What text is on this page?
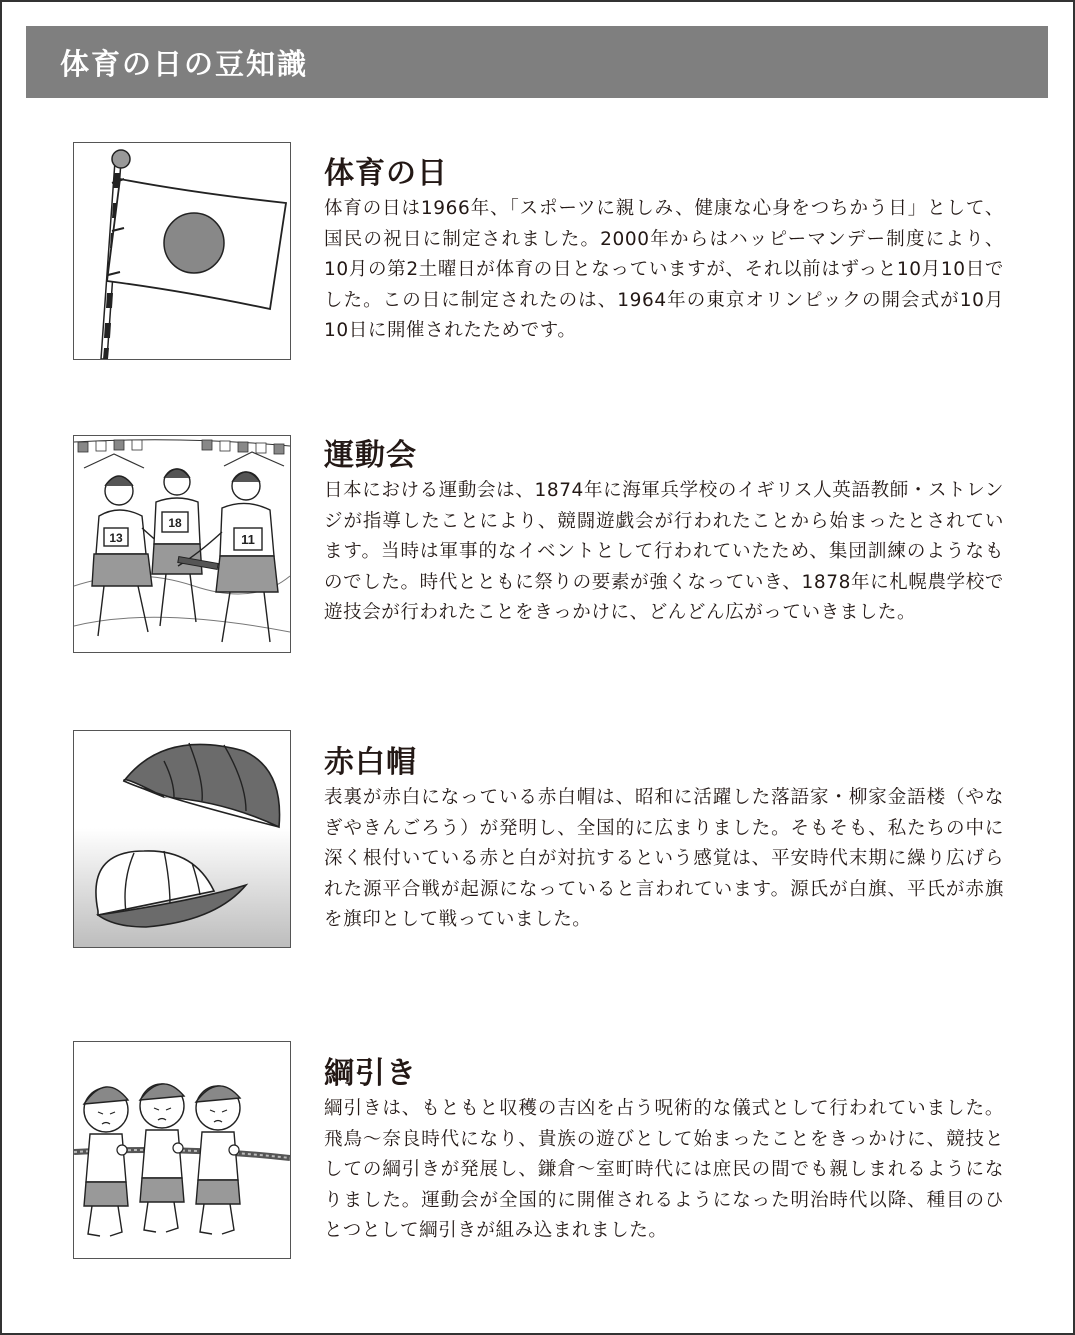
体育の日の豆知識
体育の日
体育の日は1966年、「スポーツに親しみ、健康な心身をつちかう日」として、国民の祝日に制定されました。2000年からはハッピーマンデー制度により、10月の第2土曜日が体育の日となっていますが、それ以前はずっと10月10日でした。この日に制定されたのは、1964年の東京オリンピックの開会式が10月10日に開催されたためです。
13
18
11
運動会
日本における運動会は、1874年に海軍兵学校のイギリス人英語教師・ストレンジが指導したことにより、競闘遊戯会が行われたことから始まったとされています。当時は軍事的なイベントとして行われていたため、集団訓練のようなものでした。時代とともに祭りの要素が強くなっていき、1878年に札幌農学校で遊技会が行われたことをきっかけに、どんどん広がっていきました。
赤白帽
表裏が赤白になっている赤白帽は、昭和に活躍した落語家・柳家金語楼（やなぎやきんごろう）が発明し、全国的に広まりました。そもそも、私たちの中に深く根付いている赤と白が対抗するという感覚は、平安時代末期に繰り広げられた源平合戦が起源になっていると言われています。源氏が白旗、平氏が赤旗を旗印として戦っていました。
綱引き
綱引きは、もともと収穫の吉凶を占う呪術的な儀式として行われていました。飛鳥～奈良時代になり、貴族の遊びとして始まったことをきっかけに、競技としての綱引きが発展し、鎌倉～室町時代には庶民の間でも親しまれるようになりました。運動会が全国的に開催されるようになった明治時代以降、種目のひとつとして綱引きが組み込まれました。
